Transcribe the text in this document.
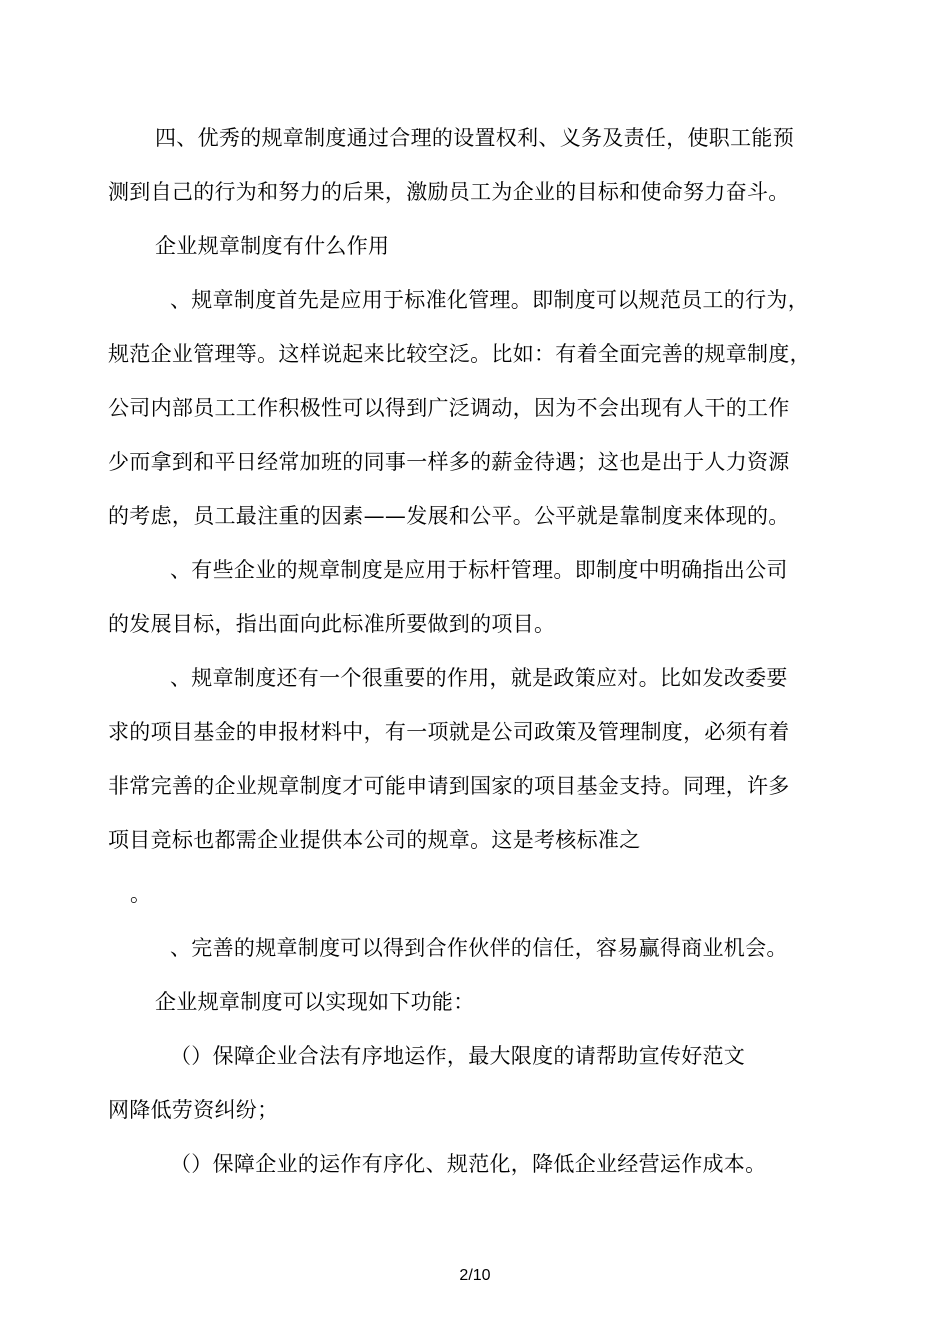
四、优秀的规章制度通过合理的设置权利、义务及责任，使职工能预
测到自己的行为和努力的后果，激励员工为企业的目标和使命努力奋斗。
企业规章制度有什么作用
、规章制度首先是应用于标准化管理。即制度可以规范员工的行为，
规范企业管理等。这样说起来比较空泛。比如：有着全面完善的规章制度，
公司内部员工工作积极性可以得到广泛调动，因为不会出现有人干的工作
少而拿到和平日经常加班的同事一样多的薪金待遇；这也是出于人力资源
的考虑，员工最注重的因素——发展和公平。公平就是靠制度来体现的。
、有些企业的规章制度是应用于标杆管理。即制度中明确指出公司
的发展目标，指出面向此标准所要做到的项目。
、规章制度还有一个很重要的作用，就是政策应对。比如发改委要
求的项目基金的申报材料中，有一项就是公司政策及管理制度，必须有着
非常完善的企业规章制度才可能申请到国家的项目基金支持。同理，许多
项目竞标也都需企业提供本公司的规章。这是考核标准之
。
、完善的规章制度可以得到合作伙伴的信任，容易赢得商业机会。
企业规章制度可以实现如下功能：
（）保障企业合法有序地运作，最大限度的请帮助宣传好范文
网降低劳资纠纷；
（）保障企业的运作有序化、规范化，降低企业经营运作成本。
2/10
